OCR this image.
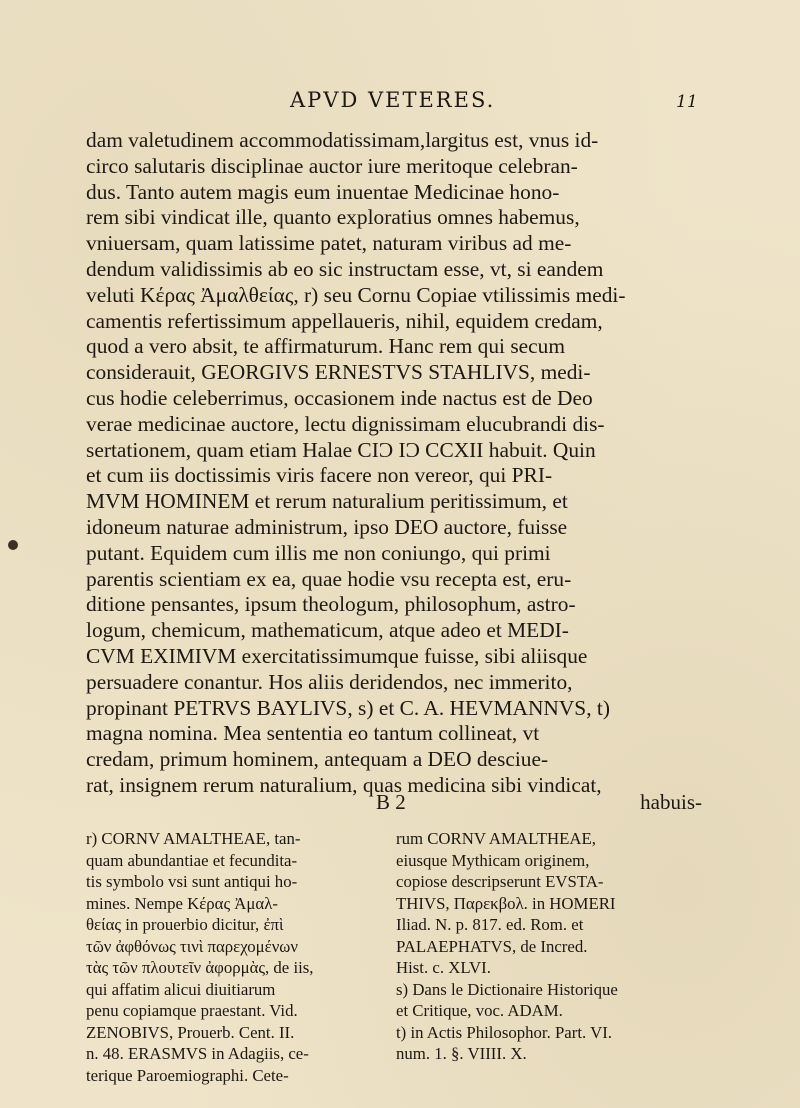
APVD VETERES.	11
dam valetudinem accommodatissimam,largitus est, vnus id-
circo salutaris disciplinae auctor iure meritoque celebran-
dus. Tanto autem magis eum inuentae Medicinae hono-
rem sibi vindicat ille, quanto exploratius omnes habemus,
vniuersam, quam latissime patet, naturam viribus ad me-
dendum validissimis ab eo sic instructam esse, vt, si eandem
veluti Κέρας Ἀμαλθείας, r) seu Cornu Copiae vtilissimis medi-
camentis refertissimum appellaueris, nihil, equidem credam,
quod a vero absit, te affirmaturum. Hanc rem qui secum
considerauit, GEORGIVS ERNESTVS STAHLIVS, medi-
cus hodie celeberrimus, occasionem inde nactus est de Deo
verae medicinae auctore, lectu dignissimam elucubrandi dis-
sertationem, quam etiam Halae CIϽ IϽ CCXII habuit. Quin
et cum iis doctissimis viris facere non vereor, qui PRI-
MVM HOMINEM et rerum naturalium peritissimum, et
idoneum naturae administrum, ipso DEO auctore, fuisse
putant. Equidem cum illis me non coniungo, qui primi
parentis scientiam ex ea, quae hodie vsu recepta est, eru-
ditione pensantes, ipsum theologum, philosophum, astro-
logum, chemicum, mathematicum, atque adeo et MEDI-
CVM EXIMIVM exercitatissimumque fuisse, sibi aliisque
persuadere conantur. Hos aliis deridendos, nec immerito,
propinant PETRVS BAYLIVS, s) et C. A. HEVMANNVS, t)
magna nomina. Mea sententia eo tantum collineat, vt
credam, primum hominem, antequam a DEO desciue-
rat, insignem rerum naturalium, quas medicina sibi vindicat,
B 2	habuis-
r) CORNV AMALTHEAE, tan-
quam abundantiae et fecundita-
tis symbolo vsi sunt antiqui ho-
mines. Nempe Κέρας Ἀμαλ-
θείας in prouerbio dicitur, ἐπὶ
τῶν ἀφθόνως τινὶ παρεχομένων
τὰς τῶν πλουτεῖν ἀφορμὰς, de iis,
qui affatim alicui diuitiarum
penu copiamque praestant. Vid.
ZENOBIVS, Prouerb. Cent. II.
n. 48. ERASMVS in Adagiis, ce-
terique Paroemiographi. Cete-
rum CORNV AMALTHEAE,
eiusque Mythicam originem,
copiose descripserunt EVSTA-
THIVS, Παρεκβολ. in HOMERI
Iliad. N. p. 817. ed. Rom. et
PALAEPHATVS, de Incred.
Hist. c. XLVI.
s) Dans le Dictionaire Historique
et Critique, voc. ADAM.
t) in Actis Philosophor. Part. VI.
num. 1. §. VIIII. X.
